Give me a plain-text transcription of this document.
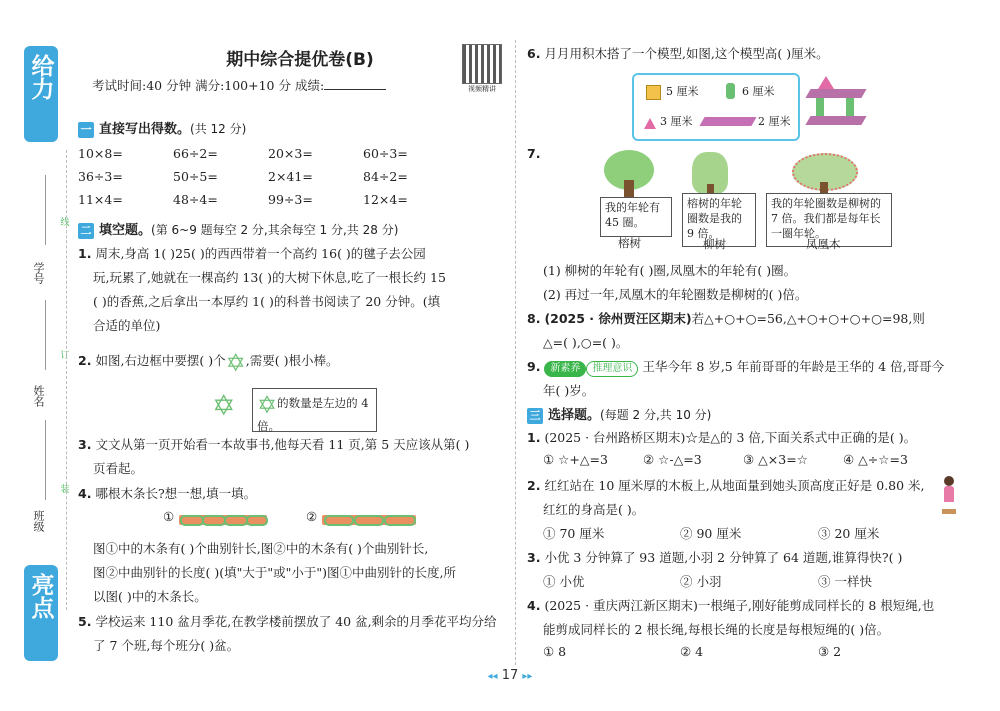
给力
亮点
学号
姓名
班级
线
订
装
期中综合提优卷(B)
考试时间:40 分钟 满分:100+10 分 成绩:	视频精讲
一 直接写出得数。(共 12 分)
10×8=	66÷2=	20×3=	60÷3=
36÷3=	50÷5=	2×41=	84÷2=
11×4=	48÷4=	99÷3=	12×4=
二 填空题。(第 6~9 题每空 2 分,其余每空 1 分,共 28 分)
1. 周末,身高 1( )25( )的西西带着一个高约 16( )的毽子去公园
玩,玩累了,她就在一棵高约 13( )的大树下休息,吃了一根长约 15
( )的香蕉,之后拿出一本厚约 1( )的科普书阅读了 20 分钟。(填
合适的单位)
2. 如图,右边框中要摆( )个✡,需要( )根小棒。
✡ ✡的数量是左边的 4 倍。
3. 文文从第一页开始看一本故事书,他每天看 11 页,第 5 天应该从第( )
页看起。
4. 哪根木条长?想一想,填一填。
①	②
图①中的木条有( )个曲别针长,图②中的木条有( )个曲别针长,
图②中曲别针的长度( )(填"大于"或"小于")图①中曲别针的长度,所
以图( )中的木条长。
5. 学校运来 110 盆月季花,在教学楼前摆放了 40 盆,剩余的月季花平均分给
了 7 个班,每个班分( )盆。
6. 月月用积木搭了一个模型,如图,这个模型高( )厘米。
5 厘米	6 厘米
3 厘米	2 厘米
7.
我的年轮有 45 圈。
榕树
榕树的年轮圈数是我的 9 倍。
柳树
我的年轮圈数是柳树的 7 倍。我们都是每年长一圈年轮。
凤凰木
(1) 柳树的年轮有( )圈,凤凰木的年轮有( )圈。
(2) 再过一年,凤凰木的年轮圈数是柳树的( )倍。
8. (2025 · 徐州贾汪区期末)若△+○+○=56,△+○+○+○+○=98,则
△=( ),○=( )。
9. 新素养 推理意识 王华今年 8 岁,5 年前哥哥的年龄是王华的 4 倍,哥哥今
年( )岁。
三 选择题。(每题 2 分,共 10 分)
1. (2025 · 台州路桥区期末)☆是△的 3 倍,下面关系式中正确的是( )。
① ☆+△=3	② ☆-△=3	③ △×3=☆	④ △÷☆=3
2. 红红站在 10 厘米厚的木板上,从地面量到她头顶高度正好是 0.80 米,
红红的身高是( )。
① 70 厘米	② 90 厘米	③ 20 厘米
3. 小优 3 分钟算了 93 道题,小羽 2 分钟算了 64 道题,谁算得快?( )
① 小优	② 小羽	③ 一样快
4. (2025 · 重庆两江新区期末)一根绳子,刚好能剪成同样长的 8 根短绳,也
能剪成同样长的 2 根长绳,每根长绳的长度是每根短绳的( )倍。
① 8	② 4	③ 2
◂◂ 17 ▸▸
